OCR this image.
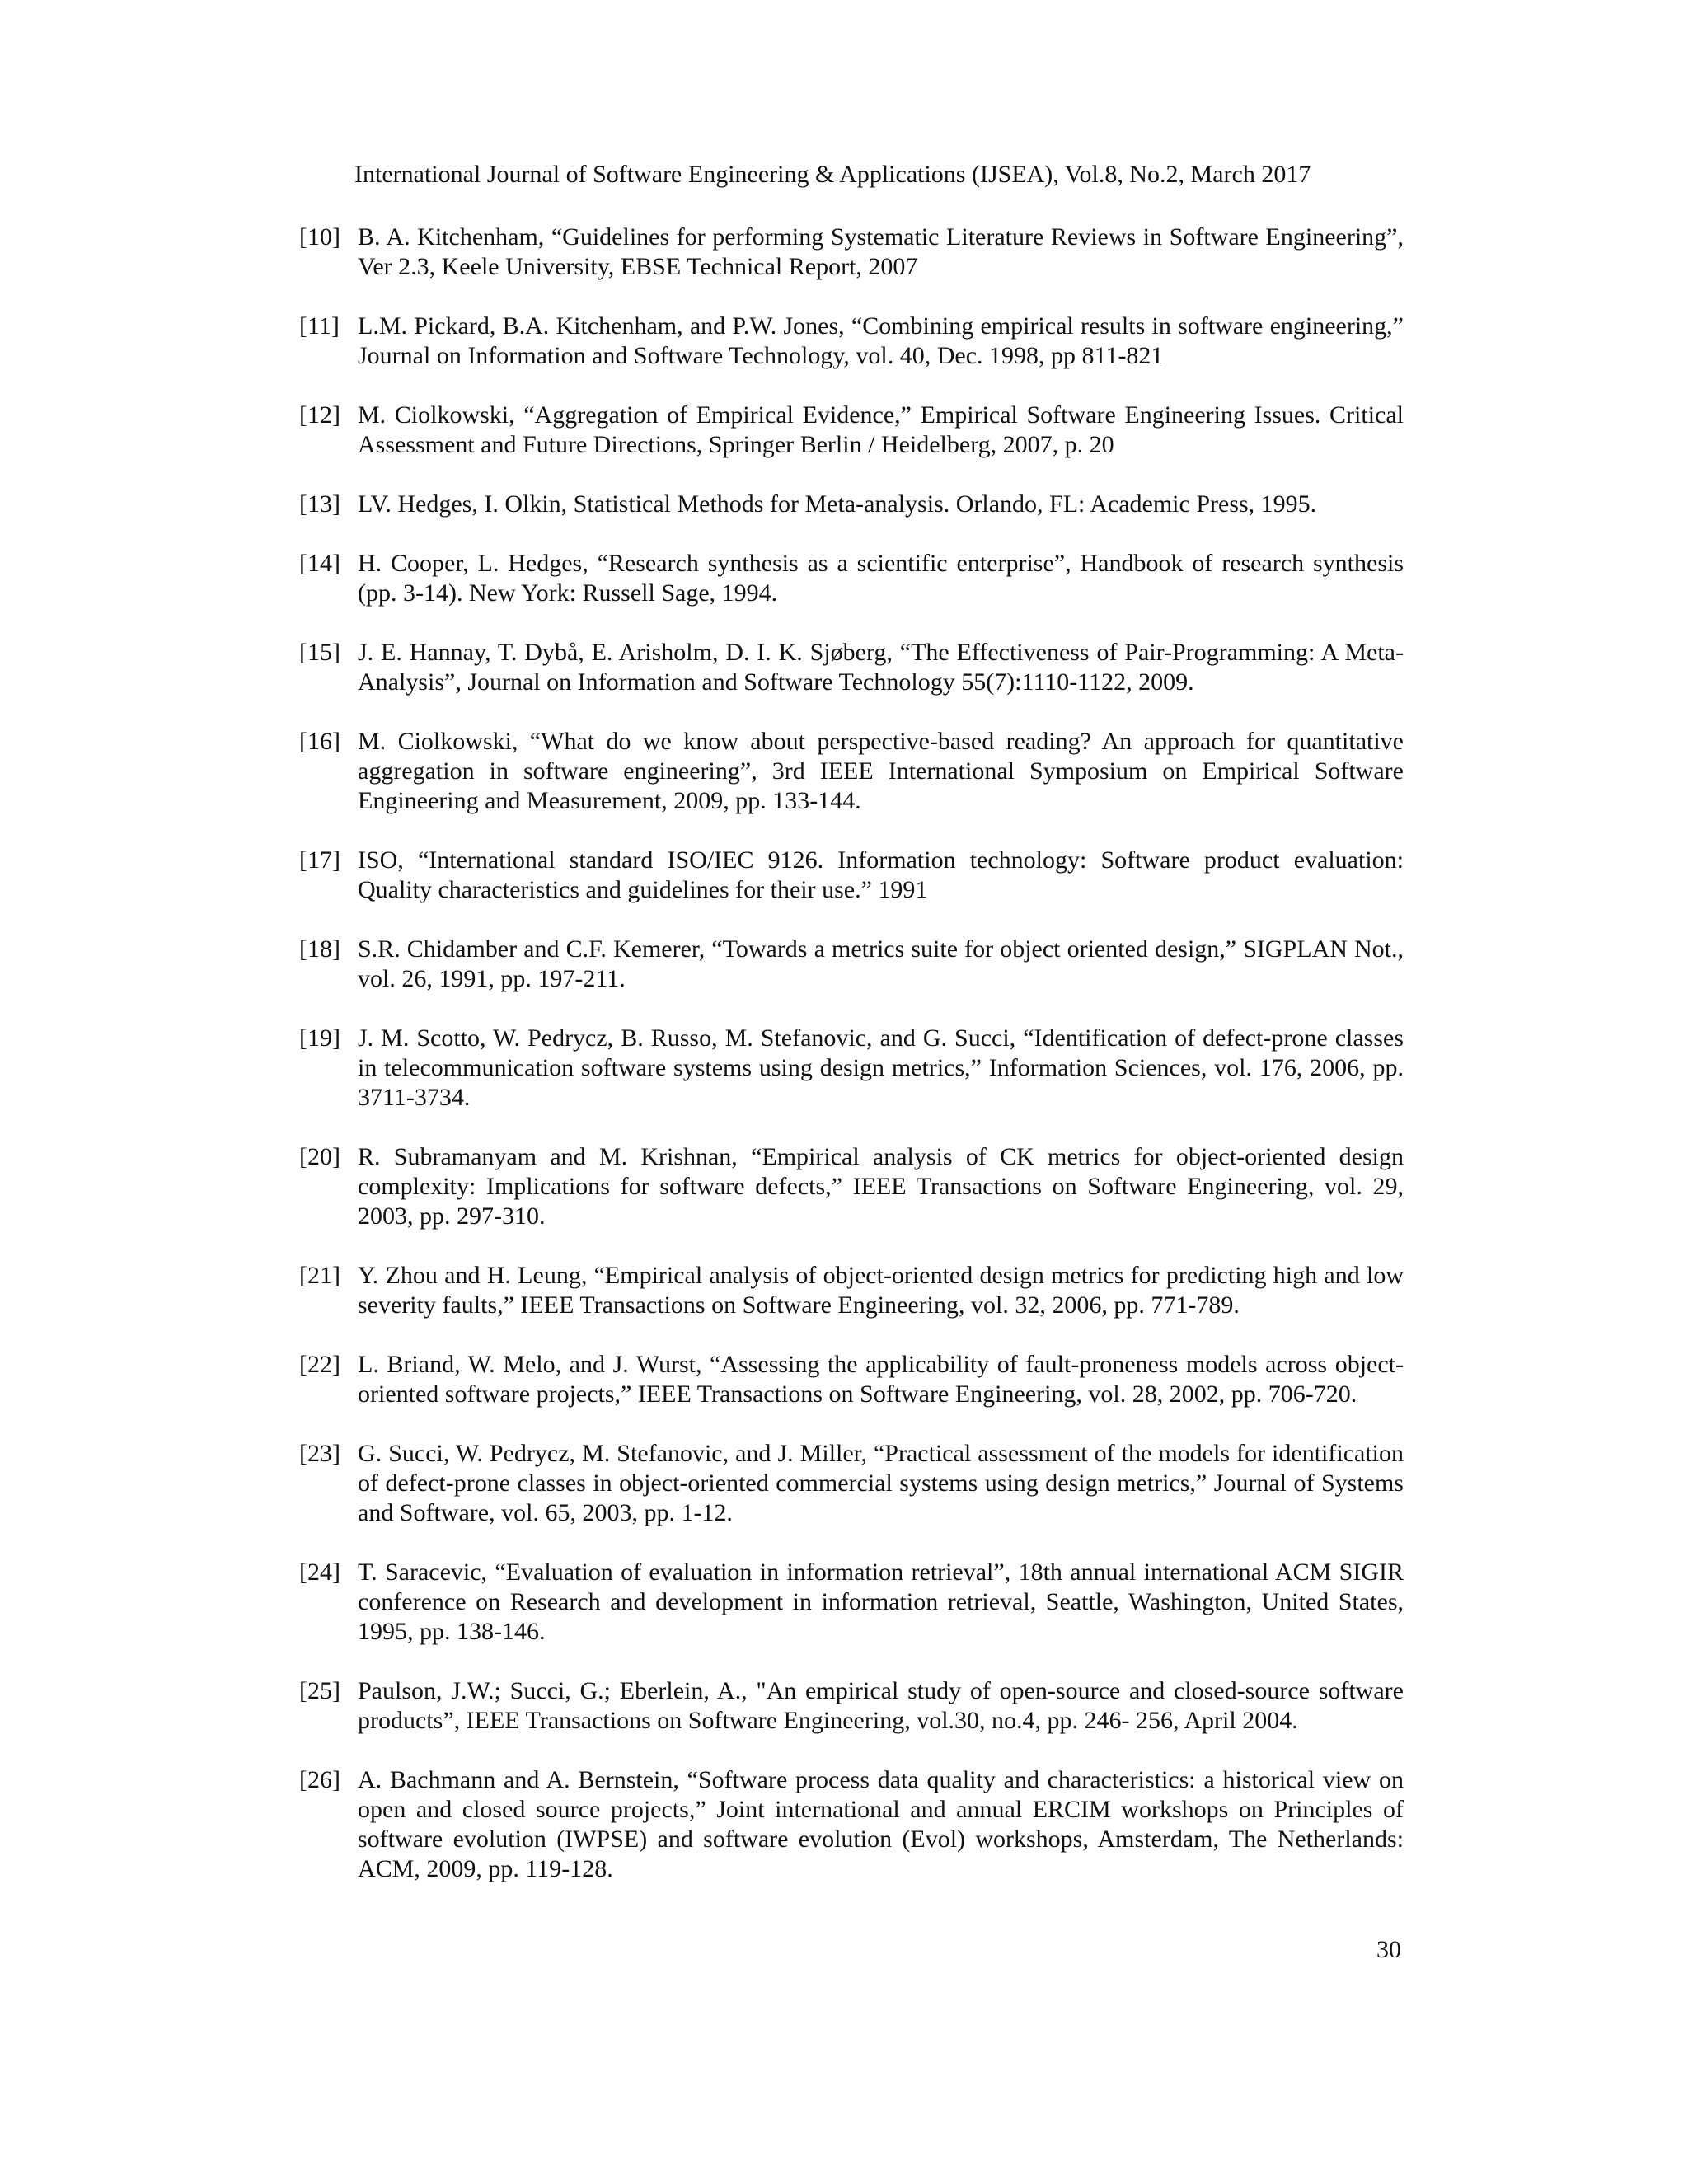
International Journal of Software Engineering & Applications (IJSEA), Vol.8, No.2, March 2017
[10] B. A. Kitchenham, “Guidelines for performing Systematic Literature Reviews in Software Engineering”, Ver 2.3, Keele University, EBSE Technical Report, 2007
[11] L.M. Pickard, B.A. Kitchenham, and P.W. Jones, “Combining empirical results in software engineering,” Journal on Information and Software Technology, vol. 40, Dec. 1998, pp 811-821
[12] M. Ciolkowski, “Aggregation of Empirical Evidence,” Empirical Software Engineering Issues. Critical Assessment and Future Directions, Springer Berlin / Heidelberg, 2007, p. 20
[13] LV. Hedges, I. Olkin, Statistical Methods for Meta-analysis. Orlando, FL: Academic Press, 1995.
[14] H. Cooper, L. Hedges, “Research synthesis as a scientific enterprise”, Handbook of research synthesis (pp. 3-14). New York: Russell Sage, 1994.
[15] J. E. Hannay, T. Dybå, E. Arisholm, D. I. K. Sjøberg, “The Effectiveness of Pair-Programming: A Meta-Analysis”, Journal on Information and Software Technology 55(7):1110-1122, 2009.
[16] M. Ciolkowski, “What do we know about perspective-based reading? An approach for quantitative aggregation in software engineering”, 3rd IEEE International Symposium on Empirical Software Engineering and Measurement, 2009, pp. 133-144.
[17] ISO, “International standard ISO/IEC 9126. Information technology: Software product evaluation: Quality characteristics and guidelines for their use.” 1991
[18] S.R. Chidamber and C.F. Kemerer, “Towards a metrics suite for object oriented design,” SIGPLAN Not., vol. 26, 1991, pp. 197-211.
[19] J. M. Scotto, W. Pedrycz, B. Russo, M. Stefanovic, and G. Succi, “Identification of defect-prone classes in telecommunication software systems using design metrics,” Information Sciences, vol. 176, 2006, pp. 3711-3734.
[20] R. Subramanyam and M. Krishnan, “Empirical analysis of CK metrics for object-oriented design complexity: Implications for software defects,” IEEE Transactions on Software Engineering, vol. 29, 2003, pp. 297-310.
[21] Y. Zhou and H. Leung, “Empirical analysis of object-oriented design metrics for predicting high and low severity faults,” IEEE Transactions on Software Engineering, vol. 32, 2006, pp. 771-789.
[22] L. Briand, W. Melo, and J. Wurst, “Assessing the applicability of fault-proneness models across object-oriented software projects,” IEEE Transactions on Software Engineering, vol. 28, 2002, pp. 706-720.
[23] G. Succi, W. Pedrycz, M. Stefanovic, and J. Miller, “Practical assessment of the models for identification of defect-prone classes in object-oriented commercial systems using design metrics,” Journal of Systems and Software, vol. 65, 2003, pp. 1-12.
[24] T. Saracevic, “Evaluation of evaluation in information retrieval”, 18th annual international ACM SIGIR conference on Research and development in information retrieval, Seattle, Washington, United States, 1995, pp. 138-146.
[25] Paulson, J.W.; Succi, G.; Eberlein, A., "An empirical study of open-source and closed-source software products”, IEEE Transactions on Software Engineering, vol.30, no.4, pp. 246- 256, April 2004.
[26] A. Bachmann and A. Bernstein, “Software process data quality and characteristics: a historical view on open and closed source projects,” Joint international and annual ERCIM workshops on Principles of software evolution (IWPSE) and software evolution (Evol) workshops, Amsterdam, The Netherlands: ACM, 2009, pp. 119-128.
30
